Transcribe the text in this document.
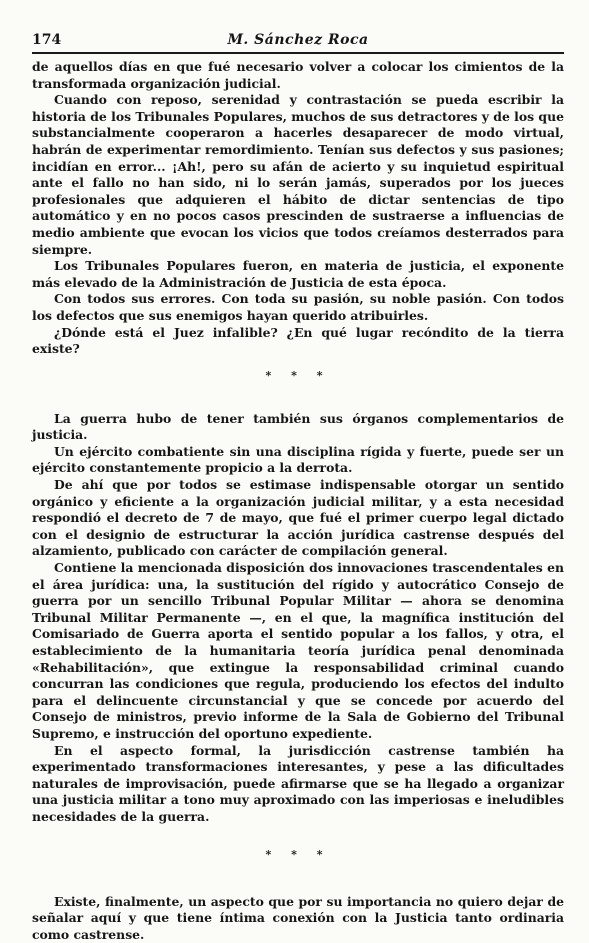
174	M. Sánchez Roca

de aquellos días en que fué necesario volver a colocar los cimientos de la transformada organización judicial.

Cuando con reposo, serenidad y contrastación se pueda escribir la historia de los Tribunales Populares, muchos de sus detractores y de los que substancialmente cooperaron a hacerles desaparecer de modo virtual, habrán de experimentar remordimiento. Tenían sus defectos y sus pasiones; incidían en error... ¡Ah!, pero su afán de acierto y su inquietud espiritual ante el fallo no han sido, ni lo serán jamás, superados por los jueces profesionales que adquieren el hábito de dictar sentencias de tipo automático y en no pocos casos prescinden de sustraerse a influencias de medio ambiente que evocan los vicios que todos creíamos desterrados para siempre.

Los Tribunales Populares fueron, en materia de justicia, el exponente más elevado de la Administración de Justicia de esta época.

Con todos sus errores. Con toda su pasión, su noble pasión. Con todos los defectos que sus enemigos hayan querido atribuirles.

¿Dónde está el Juez infalible? ¿En qué lugar recóndito de la tierra existe?

* * *

La guerra hubo de tener también sus órganos complementarios de justicia.

Un ejército combatiente sin una disciplina rígida y fuerte, puede ser un ejército constantemente propicio a la derrota.

De ahí que por todos se estimase indispensable otorgar un sentido orgánico y eficiente a la organización judicial militar, y a esta necesidad respondió el decreto de 7 de mayo, que fué el primer cuerpo legal dictado con el designio de estructurar la acción jurídica castrense después del alzamiento, publicado con carácter de compilación general.

Contiene la mencionada disposición dos innovaciones trascendentales en el área jurídica: una, la sustitución del rígido y autocrático Consejo de guerra por un sencillo Tribunal Popular Militar — ahora se denomina Tribunal Militar Permanente —, en el que, la magnífica institución del Comisariado de Guerra aporta el sentido popular a los fallos, y otra, el establecimiento de la humanitaria teoría jurídica penal denominada «Rehabilitación», que extingue la responsabilidad criminal cuando concurran las condiciones que regula, produciendo los efectos del indulto para el delincuente circunstancial y que se concede por acuerdo del Consejo de ministros, previo informe de la Sala de Gobierno del Tribunal Supremo, e instrucción del oportuno expediente.

En el aspecto formal, la jurisdicción castrense también ha experimentado transformaciones interesantes, y pese a las dificultades naturales de improvisación, puede afirmarse que se ha llegado a organizar una justicia militar a tono muy aproximado con las imperiosas e ineludibles necesidades de la guerra.

* * *

Existe, finalmente, un aspecto que por su importancia no quiero dejar de señalar aquí y que tiene íntima conexión con la Justicia tanto ordinaria como castrense.
